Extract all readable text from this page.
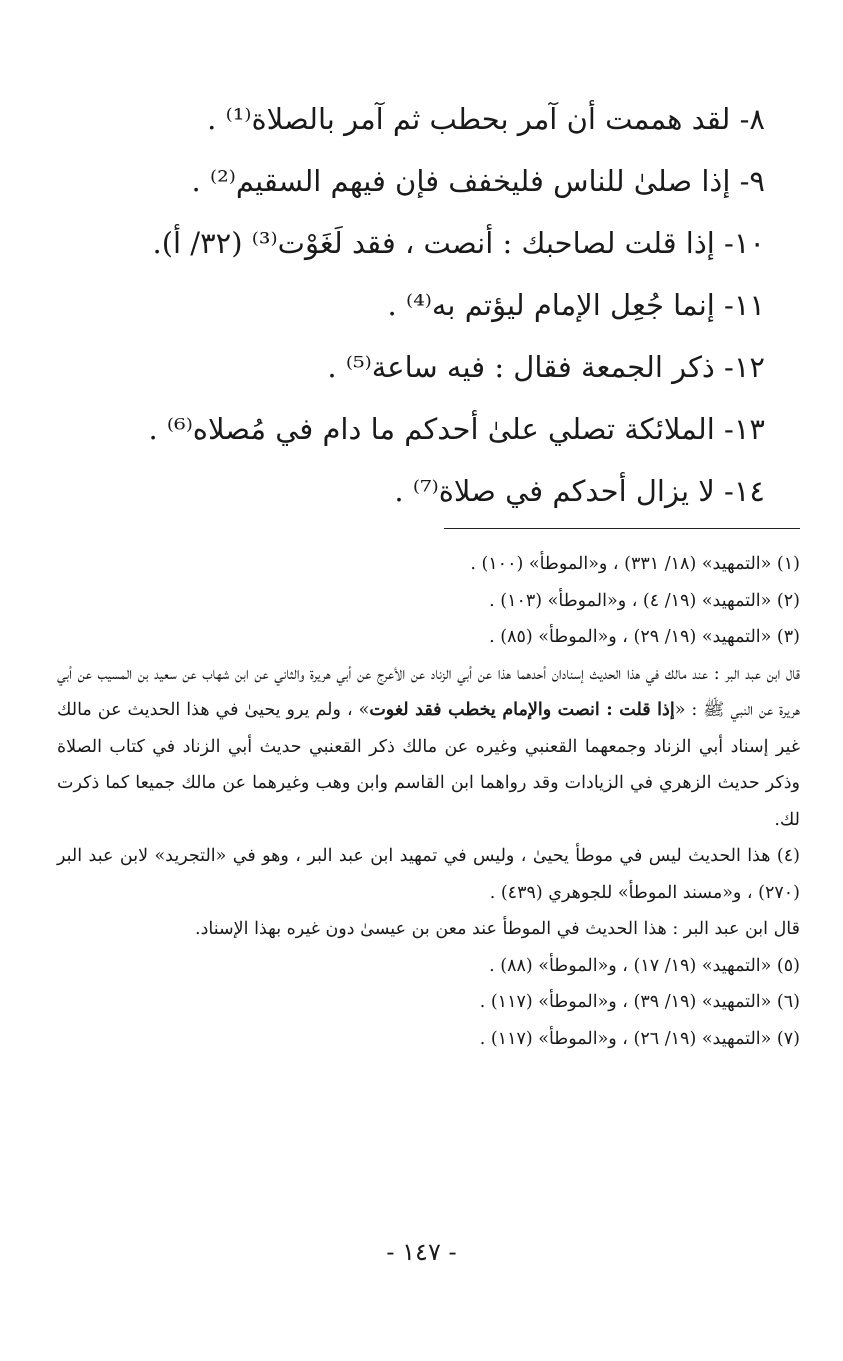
٨- لقد هممت أن آمر بحطب ثم آمر بالصلاة⁽¹⁾ .
٩- إذا صلىٰ للناس فليخفف فإن فيهم السقيم⁽²⁾ .
١٠- إذا قلت لصاحبك : أنصت ، فقد لَغَوْت⁽³⁾ (٣٢/ أ).
١١- إنما جُعِل الإمام ليؤتم به⁽⁴⁾ .
١٢- ذكر الجمعة فقال : فيه ساعة⁽⁵⁾ .
١٣- الملائكة تصلي علىٰ أحدكم ما دام في مُصلاه⁽⁶⁾ .
١٤- لا يزال أحدكم في صلاة⁽⁷⁾ .

(١) «التمهيد» (١٨/ ٣٣١) ، و«الموطأ» (١٠٠) .

(٢) «التمهيد» (١٩/ ٤) ، و«الموطأ» (١٠٣) .

(٣) «التمهيد» (١٩/ ٢٩) ، و«الموطأ» (٨٥) .

قال ابن عبد البر : عند مالك في هذا الحديث إسنادان أحدهما هذا عن أبي الزناد عن الأعرج عن أبي هريرة والثاني عن ابن شهاب عن سعيد بن المسيب عن أبي هريرة عن النبي ﷺ : «إذا قلت : انصت والإمام يخطب فقد لغوت» ، ولم يرو يحيىٰ في هذا الحديث عن مالك غير إسناد أبي الزناد وجمعهما القعنبي وغيره عن مالك ذكر القعنبي حديث أبي الزناد في كتاب الصلاة وذكر حديث الزهري في الزيادات وقد رواهما ابن القاسم وابن وهب وغيرهما عن مالك جميعا كما ذكرت لك.

(٤) هذا الحديث ليس في موطأ يحيىٰ ، وليس في تمهيد ابن عبد البر ، وهو في «التجريد» لابن عبد البر (٢٧٠) ، و«مسند الموطأ» للجوهري (٤٣٩) .

قال ابن عبد البر : هذا الحديث في الموطأ عند معن بن عيسىٰ دون غيره بهذا الإسناد.

(٥) «التمهيد» (١٩/ ١٧) ، و«الموطأ» (٨٨) .

(٦) «التمهيد» (١٩/ ٣٩) ، و«الموطأ» (١١٧) .

(٧) «التمهيد» (١٩/ ٢٦) ، و«الموطأ» (١١٧) .

- ١٤٧ -
